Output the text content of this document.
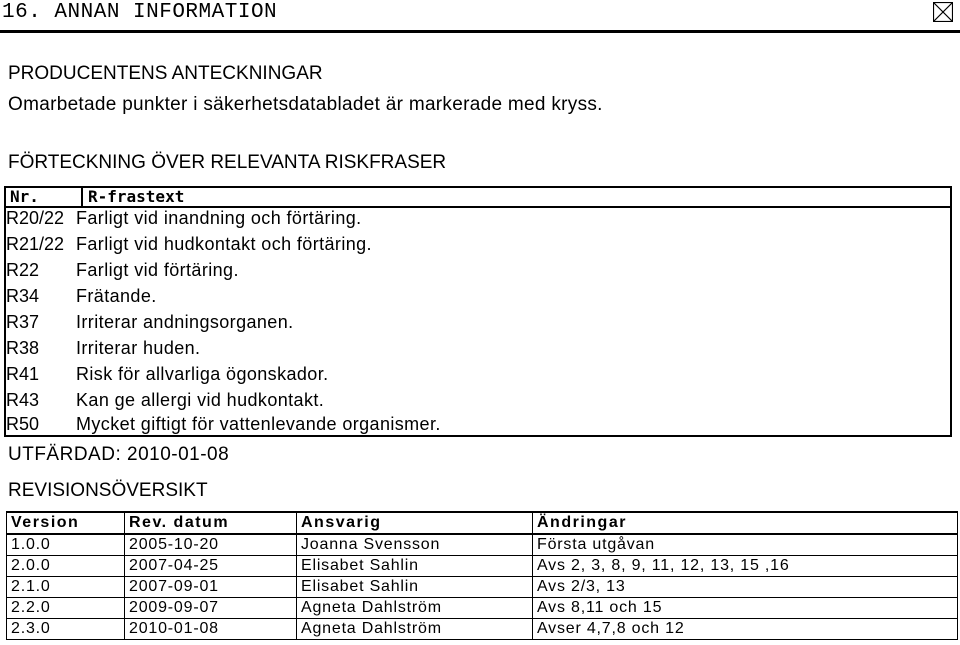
16. ANNAN INFORMATION
PRODUCENTENS ANTECKNINGAR
Omarbetade punkter i säkerhetsdatabladet är markerade med kryss.
FÖRTECKNING ÖVER RELEVANTA RISKFRASER
Nr.	R-frastext
R20/22 Farligt vid inandning och förtäring.
R21/22 Farligt vid hudkontakt och förtäring.
R22 Farligt vid förtäring.
R34 Frätande.
R37 Irriterar andningsorganen.
R38 Irriterar huden.
R41 Risk för allvarliga ögonskador.
R43 Kan ge allergi vid hudkontakt.
R50 Mycket giftigt för vattenlevande organismer.
UTFÄRDAD: 2010-01-08
REVISIONSÖVERSIKT
Version	Rev. datum	Ansvarig	Ändringar
1.0.0	2005-10-20	Joanna Svensson	Första utgåvan
2.0.0	2007-04-25	Elisabet Sahlin	Avs 2, 3, 8, 9, 11, 12, 13, 15 ,16
2.1.0	2007-09-01	Elisabet Sahlin	Avs 2/3, 13
2.2.0	2009-09-07	Agneta Dahlström	Avs 8,11 och 15
2.3.0	2010-01-08	Agneta Dahlström	Avser 4,7,8 och 12
